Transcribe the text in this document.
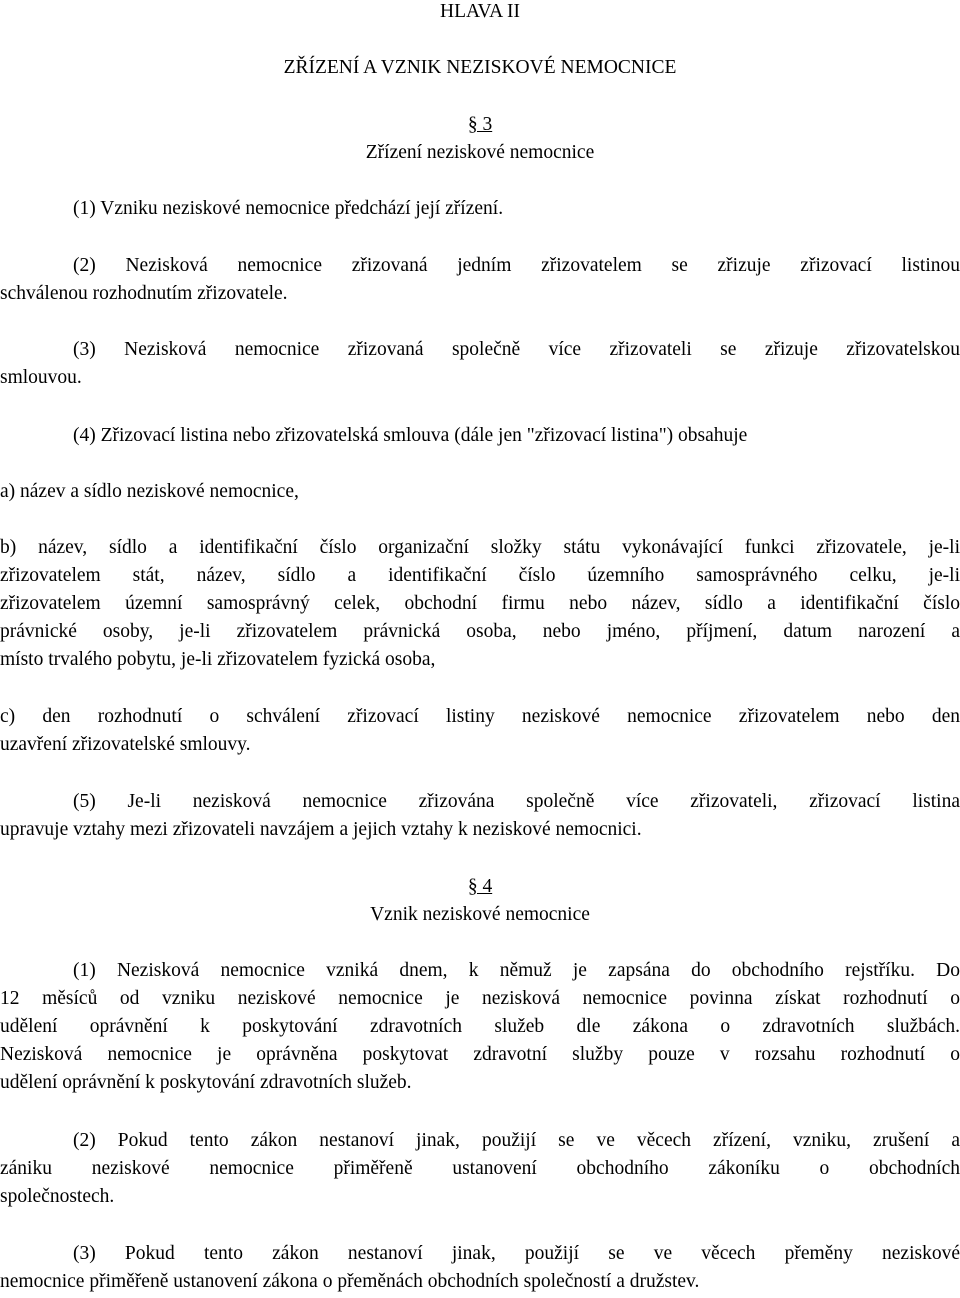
HLAVA II
ZŘÍZENÍ A VZNIK NEZISKOVÉ NEMOCNICE
§ 3
Zřízení neziskové nemocnice
(1) Vzniku neziskové nemocnice předchází její zřízení.
(2) Nezisková nemocnice zřizovaná jedním zřizovatelem se zřizuje zřizovací listinou
schválenou rozhodnutím zřizovatele.
(3) Nezisková nemocnice zřizovaná společně více zřizovateli se zřizuje zřizovatelskou
smlouvou.
(4) Zřizovací listina nebo zřizovatelská smlouva (dále jen "zřizovací listina") obsahuje
a) název a sídlo neziskové nemocnice,
b) název, sídlo a identifikační číslo organizační složky státu vykonávající funkci zřizovatele, je-li
zřizovatelem stát, název, sídlo a identifikační číslo územního samosprávného celku, je-li
zřizovatelem územní samosprávný celek, obchodní firmu nebo název, sídlo a identifikační číslo
právnické osoby, je-li zřizovatelem právnická osoba, nebo jméno, příjmení, datum narození a
místo trvalého pobytu, je-li zřizovatelem fyzická osoba,
c) den rozhodnutí o schválení zřizovací listiny neziskové nemocnice zřizovatelem nebo den
uzavření zřizovatelské smlouvy.
(5) Je-li nezisková nemocnice zřizována společně více zřizovateli, zřizovací listina
upravuje vztahy mezi zřizovateli navzájem a jejich vztahy k neziskové nemocnici.
§ 4
Vznik neziskové nemocnice
(1) Nezisková nemocnice vzniká dnem, k němuž je zapsána do obchodního rejstříku. Do
12 měsíců od vzniku neziskové nemocnice je nezisková nemocnice povinna získat rozhodnutí o
udělení oprávnění k poskytování zdravotních služeb dle zákona o zdravotních službách.
Nezisková nemocnice je oprávněna poskytovat zdravotní služby pouze v rozsahu rozhodnutí o
udělení oprávnění k poskytování zdravotních služeb.
(2) Pokud tento zákon nestanoví jinak, použijí se ve věcech zřízení, vzniku, zrušení a
zániku neziskové nemocnice přiměřeně ustanovení obchodního zákoníku o obchodních
společnostech.
(3) Pokud tento zákon nestanoví jinak, použijí se ve věcech přeměny neziskové
nemocnice přiměřeně ustanovení zákona o přeměnách obchodních společností a družstev.
